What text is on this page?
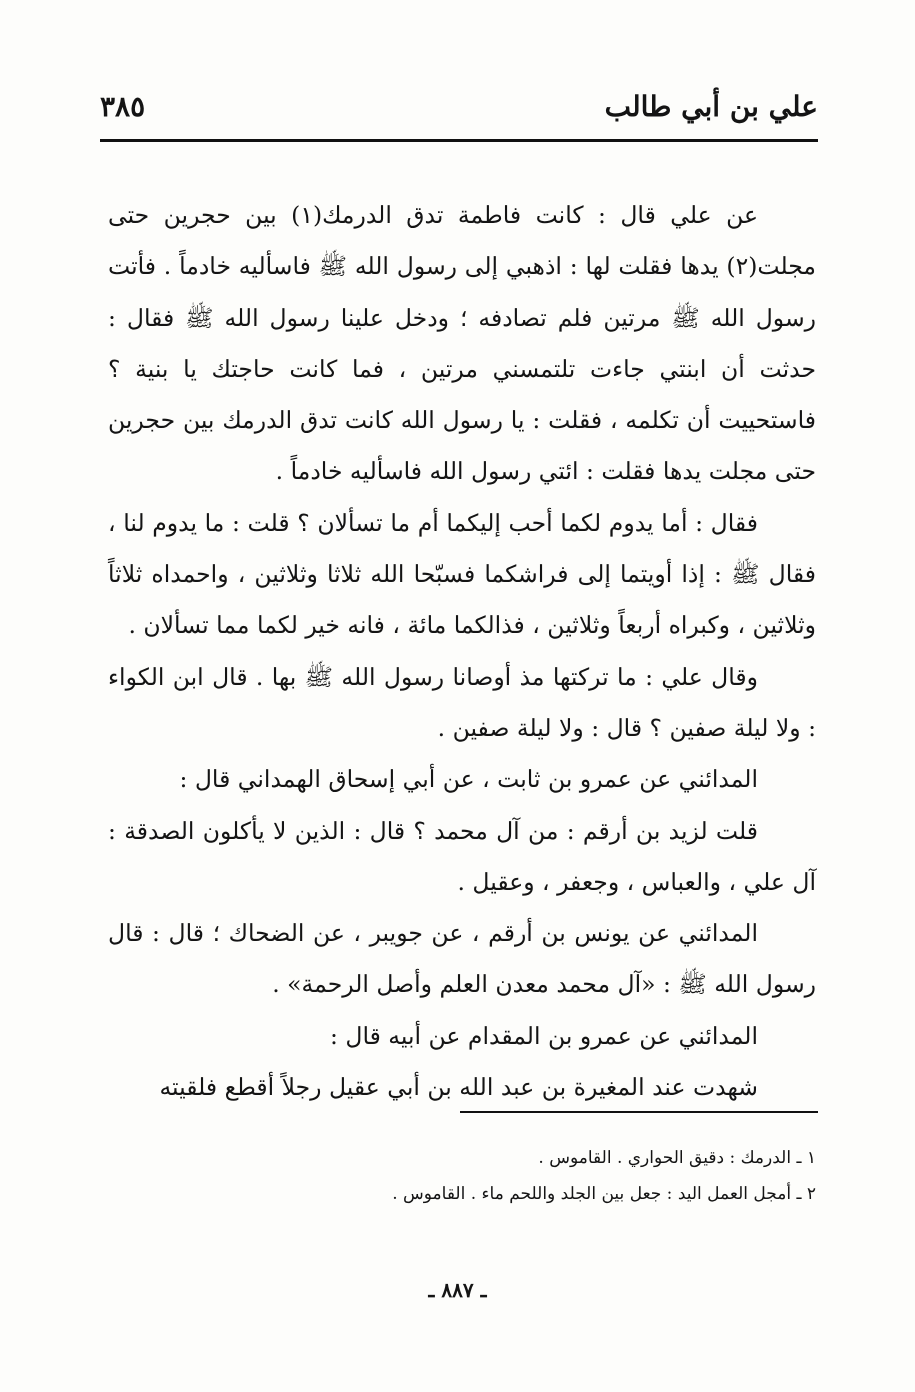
علي بن أبي طالب
٣٨٥

عن علي قال : كانت فاطمة تدق الدرمك(١) بين حجرين حتى مجلت(٢) يدها فقلت لها : اذهبي إلى رسول الله ﷺ فاسأليه خادماً . فأتت رسول الله ﷺ مرتين فلم تصادفه ؛ ودخل علينا رسول الله ﷺ فقال : حدثت أن ابنتي جاءت تلتمسني مرتين ، فما كانت حاجتك يا بنية ؟ فاستحييت أن تكلمه ، فقلت : يا رسول الله كانت تدق الدرمك بين حجرين حتى مجلت يدها فقلت : ائتي رسول الله فاسأليه خادماً .

فقال : أما يدوم لكما أحب إليكما أم ما تسألان ؟ قلت : ما يدوم لنا ، فقال ﷺ : إذا أويتما إلى فراشكما فسبّحا الله ثلاثا وثلاثين ، واحمداه ثلاثاً وثلاثين ، وكبراه أربعاً وثلاثين ، فذالكما مائة ، فانه خير لكما مما تسألان .

وقال علي : ما تركتها مذ أوصانا رسول الله ﷺ بها . قال ابن الكواء : ولا ليلة صفين ؟ قال : ولا ليلة صفين .

المدائني عن عمرو بن ثابت ، عن أبي إسحاق الهمداني قال :

قلت لزيد بن أرقم : من آل محمد ؟ قال : الذين لا يأكلون الصدقة : آل علي ، والعباس ، وجعفر ، وعقيل .

المدائني عن يونس بن أرقم ، عن جويبر ، عن الضحاك ؛ قال : قال رسول الله ﷺ : «آل محمد معدن العلم وأصل الرحمة» .

المدائني عن عمرو بن المقدام عن أبيه قال :

شهدت عند المغيرة بن عبد الله بن أبي عقيل رجلاً أقطع فلقيته

١ ـ الدرمك : دقيق الحواري . القاموس .

٢ ـ أمجل العمل اليد : جعل بين الجلد واللحم ماء . القاموس .

ـ ٨٨٧ ـ
